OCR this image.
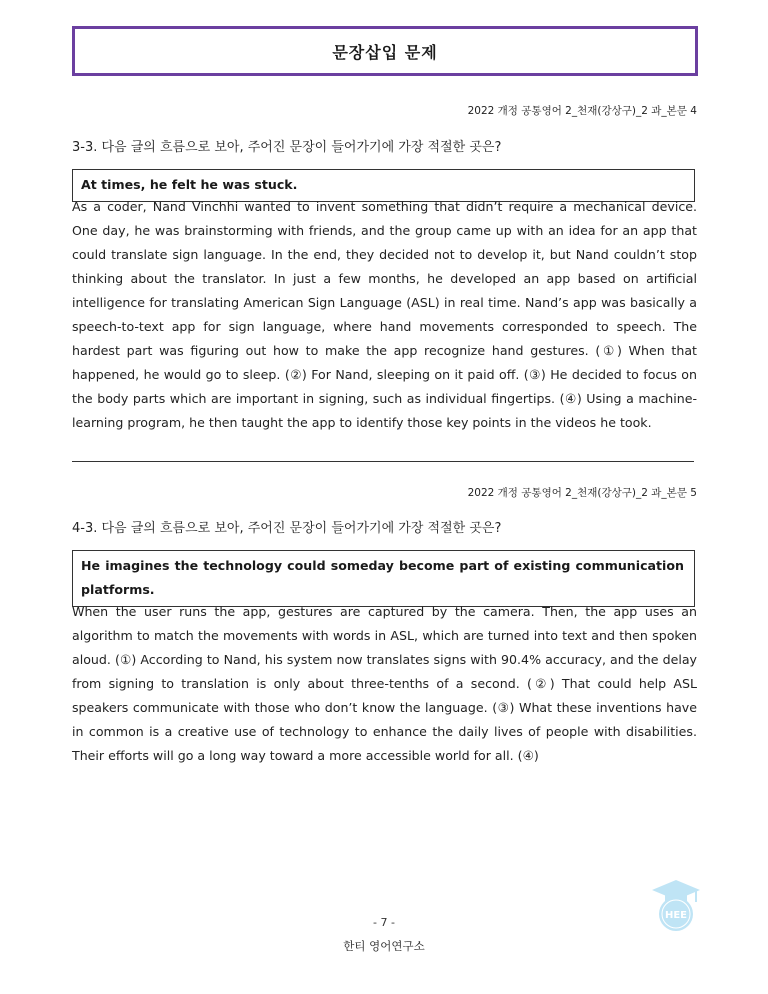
문장삽입 문제
2022 개정 공통영어 2_천재(강상구)_2 과_본문 4
3-3. 다음 글의 흐름으로 보아, 주어진 문장이 들어가기에 가장 적절한 곳은?
At times, he felt he was stuck.

As a coder, Nand Vinchhi wanted to invent something that didn’t require a mechanical device. One day, he was brainstorming with friends, and the group came up with an idea for an app that could translate sign language. In the end, they decided not to develop it, but Nand couldn’t stop thinking about the translator. In just a few months, he developed an app based on artificial intelligence for translating American Sign Language (ASL) in real time. Nand’s app was basically a speech-to-text app for sign language, where hand movements corresponded to speech. The hardest part was figuring out how to make the app recognize hand gestures. (①) When that happened, he would go to sleep. (②) For Nand, sleeping on it paid off. (③) He decided to focus on the body parts which are important in signing, such as individual fingertips. (④) Using a machine-learning program, he then taught the app to identify those key points in the videos he took.

2022 개정 공통영어 2_천재(강상구)_2 과_본문 5
4-3. 다음 글의 흐름으로 보아, 주어진 문장이 들어가기에 가장 적절한 곳은?
He imagines the technology could someday become part of existing communication platforms.

When the user runs the app, gestures are captured by the camera. Then, the app uses an algorithm to match the movements with words in ASL, which are turned into text and then spoken aloud. (①) According to Nand, his system now translates signs with 90.4% accuracy, and the delay from signing to translation is only about three-tenths of a second. (②) That could help ASL speakers communicate with those who don’t know the language. (③) What these inventions have in common is a creative use of technology to enhance the daily lives of people with disabilities. Their efforts will go a long way toward a more accessible world for all. (④)

- 7 -
한티 영어연구소
HEE
